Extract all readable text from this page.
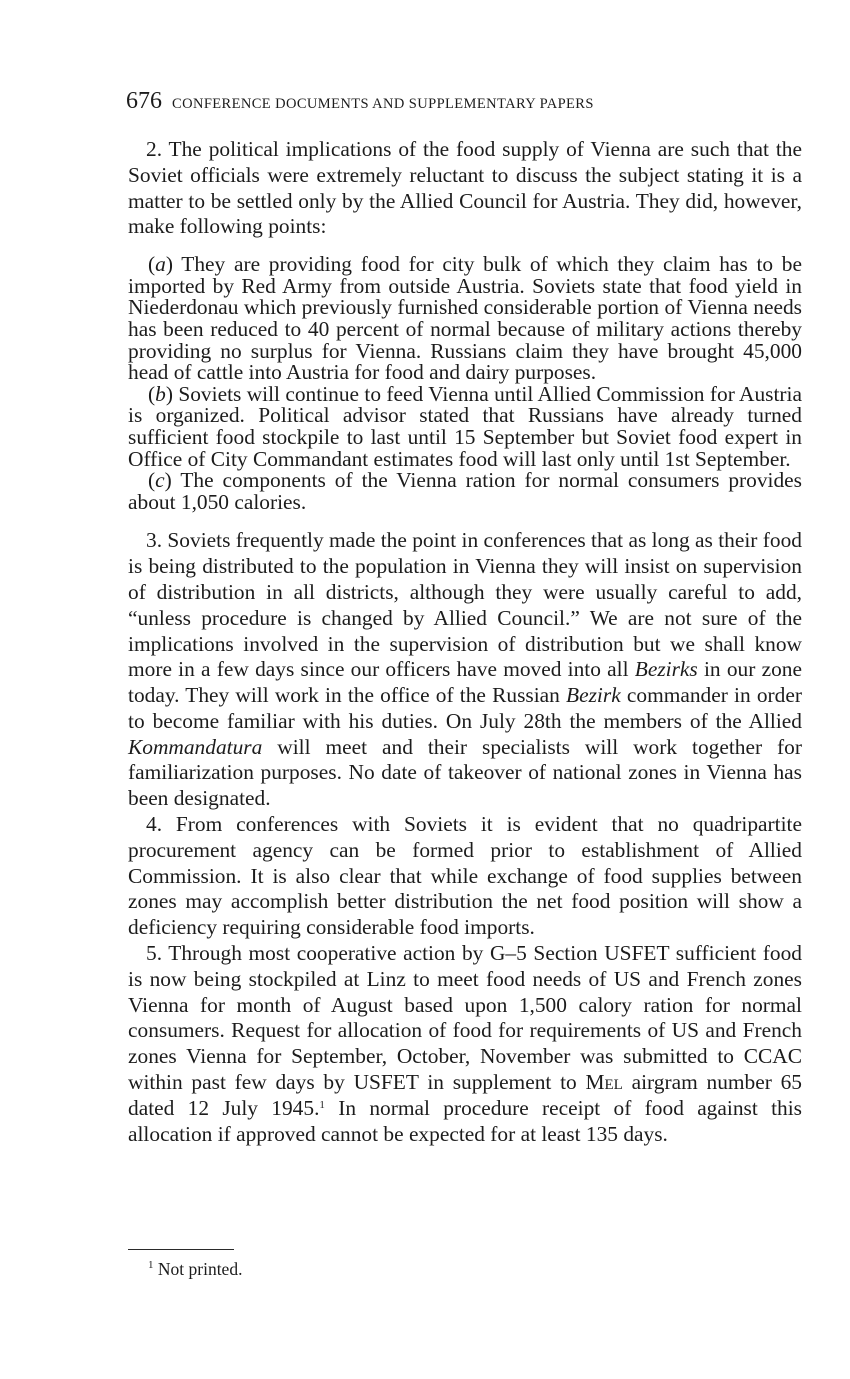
676 CONFERENCE DOCUMENTS AND SUPPLEMENTARY PAPERS

2. The political implications of the food supply of Vienna are such that the Soviet officials were extremely reluctant to discuss the subject stating it is a matter to be settled only by the Allied Council for Austria. They did, however, make following points:

(a) They are providing food for city bulk of which they claim has to be imported by Red Army from outside Austria. Soviets state that food yield in Niederdonau which previously furnished considerable portion of Vienna needs has been reduced to 40 percent of normal because of military actions thereby providing no surplus for Vienna. Russians claim they have brought 45,000 head of cattle into Austria for food and dairy purposes.

(b) Soviets will continue to feed Vienna until Allied Commission for Austria is organized. Political advisor stated that Russians have already turned sufficient food stockpile to last until 15 September but Soviet food expert in Office of City Commandant estimates food will last only until 1st September.

(c) The components of the Vienna ration for normal consumers provides about 1,050 calories.

3. Soviets frequently made the point in conferences that as long as their food is being distributed to the population in Vienna they will insist on supervision of distribution in all districts, although they were usually careful to add, “unless procedure is changed by Allied Council.” We are not sure of the implications involved in the supervision of distribution but we shall know more in a few days since our officers have moved into all Bezirks in our zone today. They will work in the office of the Russian Bezirk commander in order to become familiar with his duties. On July 28th the members of the Allied Kommandatura will meet and their specialists will work together for familiarization purposes. No date of takeover of national zones in Vienna has been designated.

4. From conferences with Soviets it is evident that no quadripartite procurement agency can be formed prior to establishment of Allied Commission. It is also clear that while exchange of food supplies between zones may accomplish better distribution the net food position will show a deficiency requiring considerable food imports.

5. Through most cooperative action by G–5 Section USFET sufficient food is now being stockpiled at Linz to meet food needs of US and French zones Vienna for month of August based upon 1,500 calory ration for normal consumers. Request for allocation of food for requirements of US and French zones Vienna for September, October, November was submitted to CCAC within past few days by USFET in supplement to Mel airgram number 65 dated 12 July 1945.$^1$ In normal procedure receipt of food against this allocation if approved cannot be expected for at least 135 days.

$^1$ Not printed.
